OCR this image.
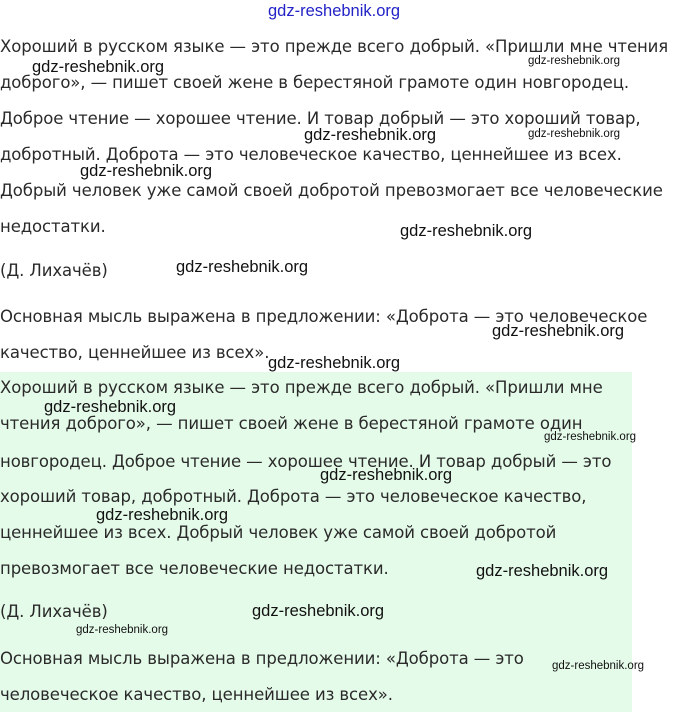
gdz-reshebnik.org
Хороший в русском языке — это прежде всего добрый. «Пришли мне чтения
доброго», — пишет своей жене в берестяной грамоте один новгородец.
Доброе чтение — хорошее чтение. И товар добрый — это хороший товар,
добротный. Доброта — это человеческое качество, ценнейшее из всех.
Добрый человек уже самой своей добротой превозмогает все человеческие
недостатки.
(Д. Лихачёв)
Основная мысль выражена в предложении: «Доброта — это человеческое
качество, ценнейшее из всех».
Хороший в русском языке — это прежде всего добрый. «Пришли мне
чтения доброго», — пишет своей жене в берестяной грамоте один
новгородец. Доброе чтение — хорошее чтение. И товар добрый — это
хороший товар, добротный. Доброта — это человеческое качество,
ценнейшее из всех. Добрый человек уже самой своей добротой
превозмогает все человеческие недостатки.
(Д. Лихачёв)
Основная мысль выражена в предложении: «Доброта — это
человеческое качество, ценнейшее из всех».
gdz-reshebnik.org	gdz-reshebnik.org
gdz-reshebnik.org	gdz-reshebnik.org
gdz-reshebnik.org
gdz-reshebnik.org
gdz-reshebnik.org
gdz-reshebnik.org
gdz-reshebnik.org
gdz-reshebnik.org
gdz-reshebnik.org
gdz-reshebnik.org
gdz-reshebnik.org
gdz-reshebnik.org
gdz-reshebnik.org
gdz-reshebnik.org
gdz-reshebnik.org
